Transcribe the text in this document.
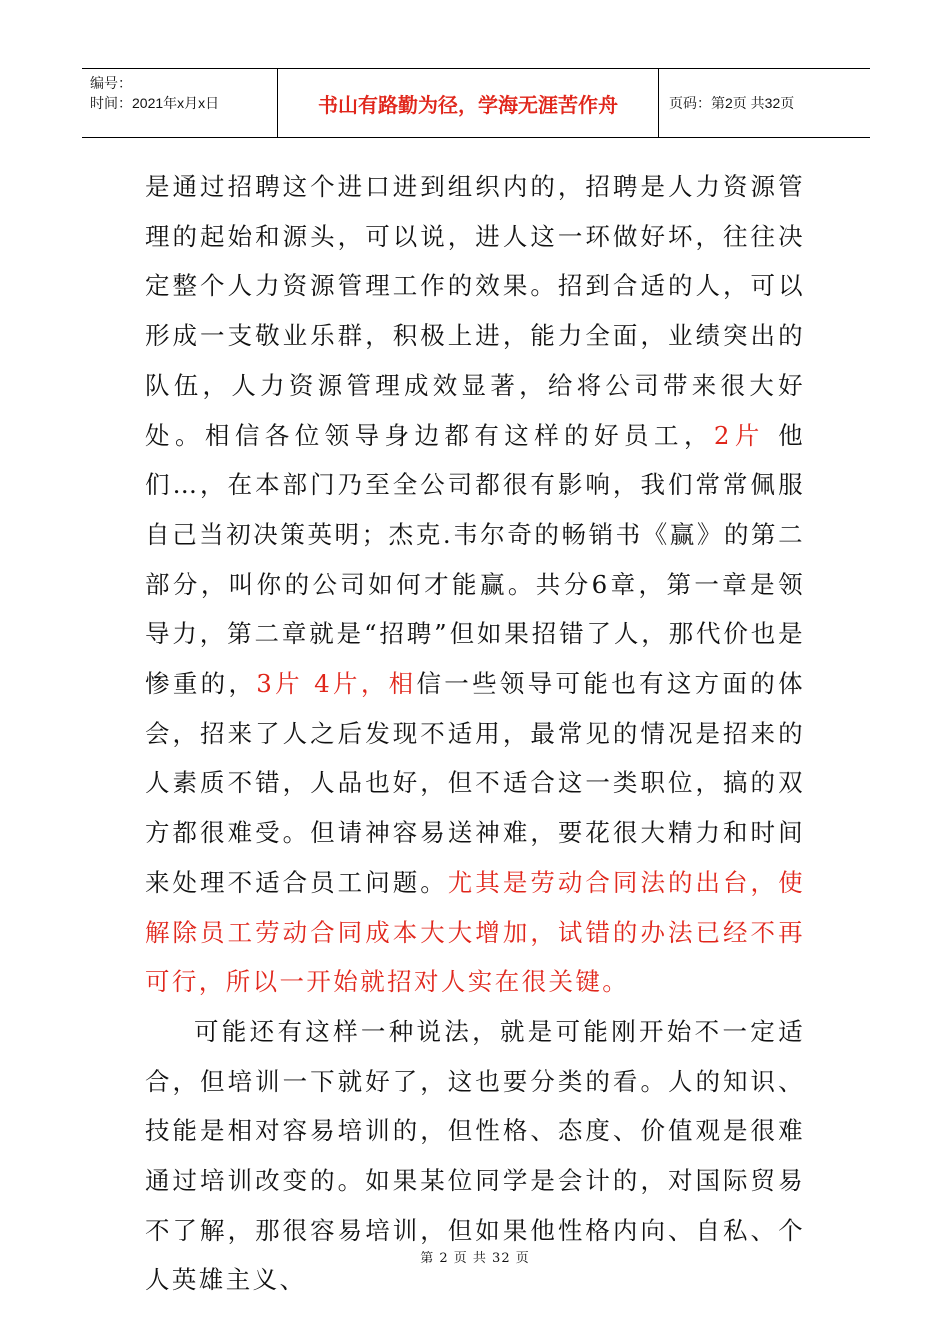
编号：
时间：2021年x月x日	书山有路勤为径，学海无涯苦作舟	页码：第2页 共32页

是通过招聘这个进口进到组织内的，招聘是人力资源管理的起始和源头，可以说，进人这一环做好坏，往往决定整个人力资源管理工作的效果。招到合适的人，可以形成一支敬业乐群，积极上进，能力全面，业绩突出的队伍，人力资源管理成效显著，给将公司带来很大好处。相信各位领导身边都有这样的好员工，2片 他们…，在本部门乃至全公司都很有影响，我们常常佩服自己当初决策英明；杰克.韦尔奇的畅销书《赢》的第二部分，叫你的公司如何才能赢。共分6章，第一章是领导力，第二章就是“招聘”但如果招错了人，那代价也是惨重的，3片 4片，相信一些领导可能也有这方面的体会，招来了人之后发现不适用，最常见的情况是招来的人素质不错，人品也好，但不适合这一类职位，搞的双方都很难受。但请神容易送神难，要花很大精力和时间来处理不适合员工问题。尤其是劳动合同法的出台，使解除员工劳动合同成本大大增加，试错的办法已经不再可行，所以一开始就招对人实在很关键。

可能还有这样一种说法，就是可能刚开始不一定适合，但培训一下就好了，这也要分类的看。人的知识、技能是相对容易培训的，但性格、态度、价值观是很难通过培训改变的。如果某位同学是会计的，对国际贸易不了解，那很容易培训，但如果他性格内向、自私、个人英雄主义、

第 2 页 共 32 页
